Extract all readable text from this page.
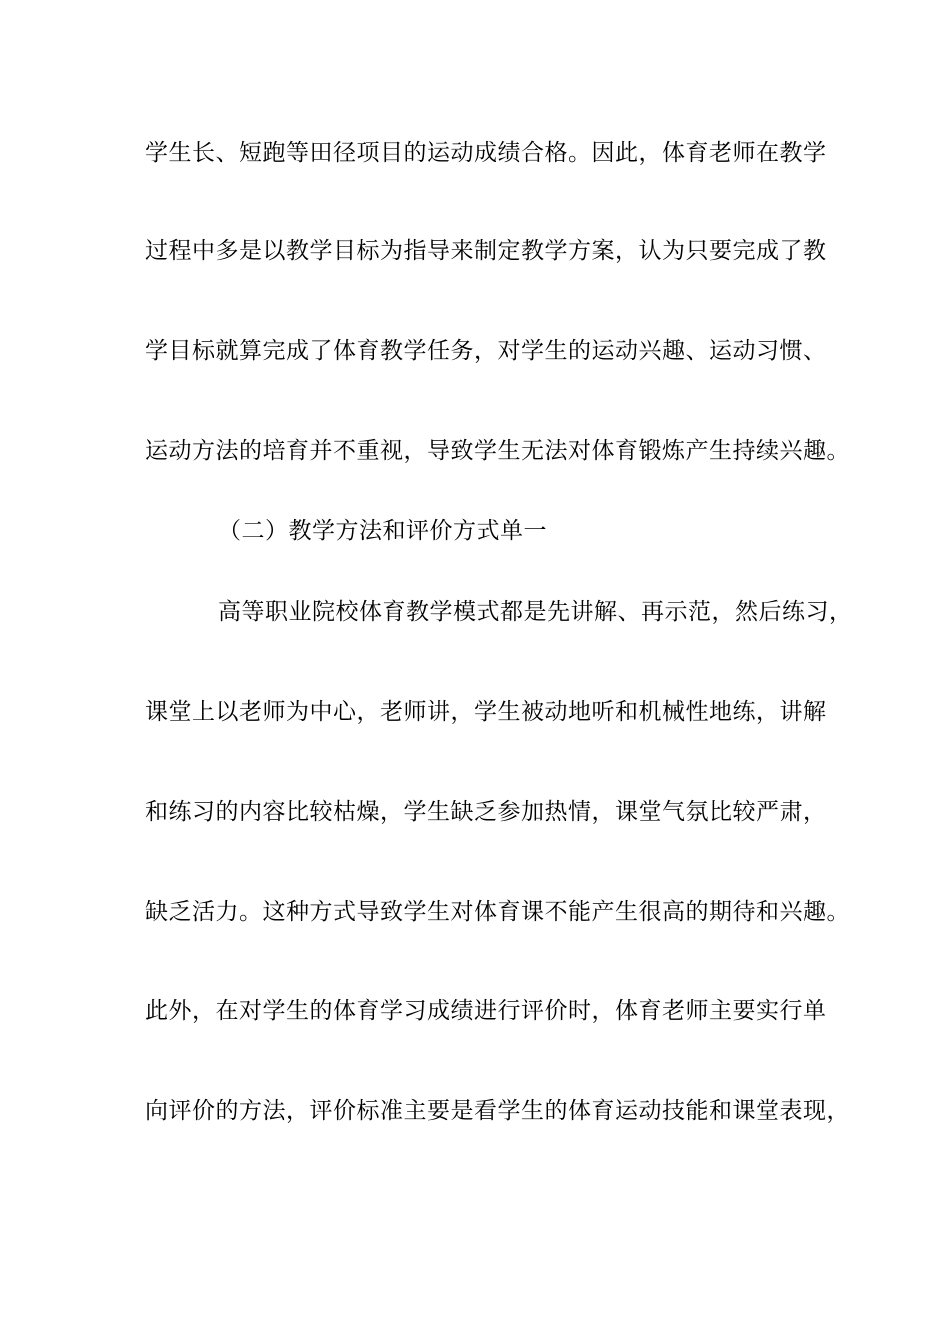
学生长、短跑等田径项目的运动成绩合格。因此，体育老师在教学
过程中多是以教学目标为指导来制定教学方案，认为只要完成了教
学目标就算完成了体育教学任务，对学生的运动兴趣、运动习惯、
运动方法的培育并不重视，导致学生无法对体育锻炼产生持续兴趣。
（二）教学方法和评价方式单一
高等职业院校体育教学模式都是先讲解、再示范，然后练习，
课堂上以老师为中心，老师讲，学生被动地听和机械性地练，讲解
和练习的内容比较枯燥，学生缺乏参加热情，课堂气氛比较严肃，
缺乏活力。这种方式导致学生对体育课不能产生很高的期待和兴趣。
此外，在对学生的体育学习成绩进行评价时，体育老师主要实行单
向评价的方法，评价标准主要是看学生的体育运动技能和课堂表现，
